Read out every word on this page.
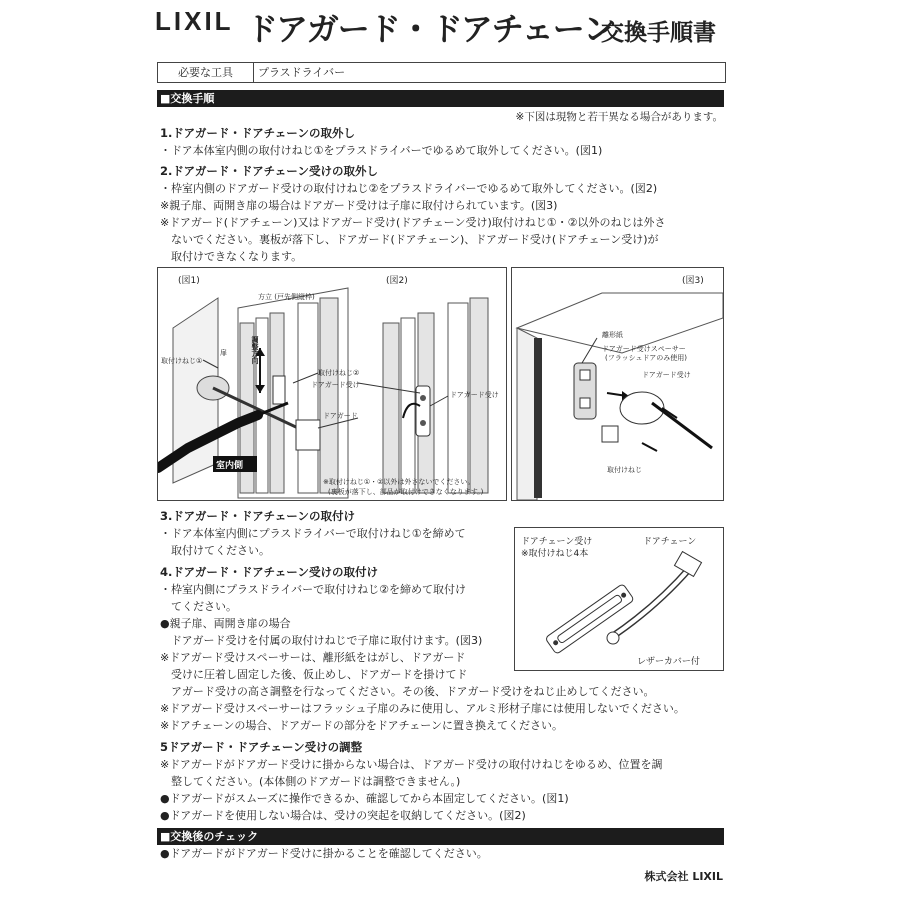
LIXIL ドアガード・ドアチェーン
交換手順書
必要な工具	プラスドライバー
■交換手順
※下図は現物と若干異なる場合があります。
1.ドアガード・ドアチェーンの取外し
・ドア本体室内側の取付けねじ①をプラスドライバーでゆるめて取外してください。(図1)
2.ドアガード・ドアチェーン受けの取外し
・枠室内側のドアガード受けの取付けねじ②をプラスドライバーでゆるめて取外してください。(図2)
※親子扉、両開き扉の場合はドアガード受けは子扉に取付けられています。(図3)
※ドアガード(ドアチェーン)又はドアガード受け(ドアチェーン受け)取付けねじ①・②以外のねじは外さ
　ないでください。裏板が落下し、ドアガード(ドアチェーン)、ドアガード受け(ドアチェーン受け)が
　取付けできなくなります。
(図1)	(図2)
方立 (戸先側縦枠)
扉
取付けねじ①	調整方向
取付けねじ②
ドアガード受け
ドアガード受け
ドアガード
室内側
※取付けねじ①・②以外は外さないでください。
(裏板が落下し、部品が取付けできなくなります。)
(図3)
離形紙
ドアガード受けスペーサー
(フラッシュドアのみ使用)
ドアガード受け
取付けねじ
3.ドアガード・ドアチェーンの取付け
・ドア本体室内側にプラスドライバーで取付けねじ①を締めて
　取付けてください。
ドアチェーン受け
※取付けねじ4本
ドアチェーン
レザーカバー付
4.ドアガード・ドアチェーン受けの取付け
・枠室内側にプラスドライバーで取付けねじ②を締めて取付け
　てください。
●親子扉、両開き扉の場合
　ドアガード受けを付属の取付けねじで子扉に取付けます。(図3)
※ドアガード受けスペーサーは、離形紙をはがし、ドアガード
　受けに圧着し固定した後、仮止めし、ドアガードを掛けてド
　アガード受けの高さ調整を行なってください。その後、ドアガード受けをねじ止めしてください。
※ドアガード受けスペーサーはフラッシュ子扉のみに使用し、アルミ形材子扉には使用しないでください。
※ドアチェーンの場合、ドアガードの部分をドアチェーンに置き換えてください。
5ドアガード・ドアチェーン受けの調整
※ドアガードがドアガード受けに掛からない場合は、ドアガード受けの取付けねじをゆるめ、位置を調
　整してください。(本体側のドアガードは調整できません。)
●ドアガードがスムーズに操作できるか、確認してから本固定してください。(図1)
●ドアガードを使用しない場合は、受けの突起を収納してください。(図2)
■交換後のチェック
●ドアガードがドアガード受けに掛かることを確認してください。
株式会社 LIXIL
